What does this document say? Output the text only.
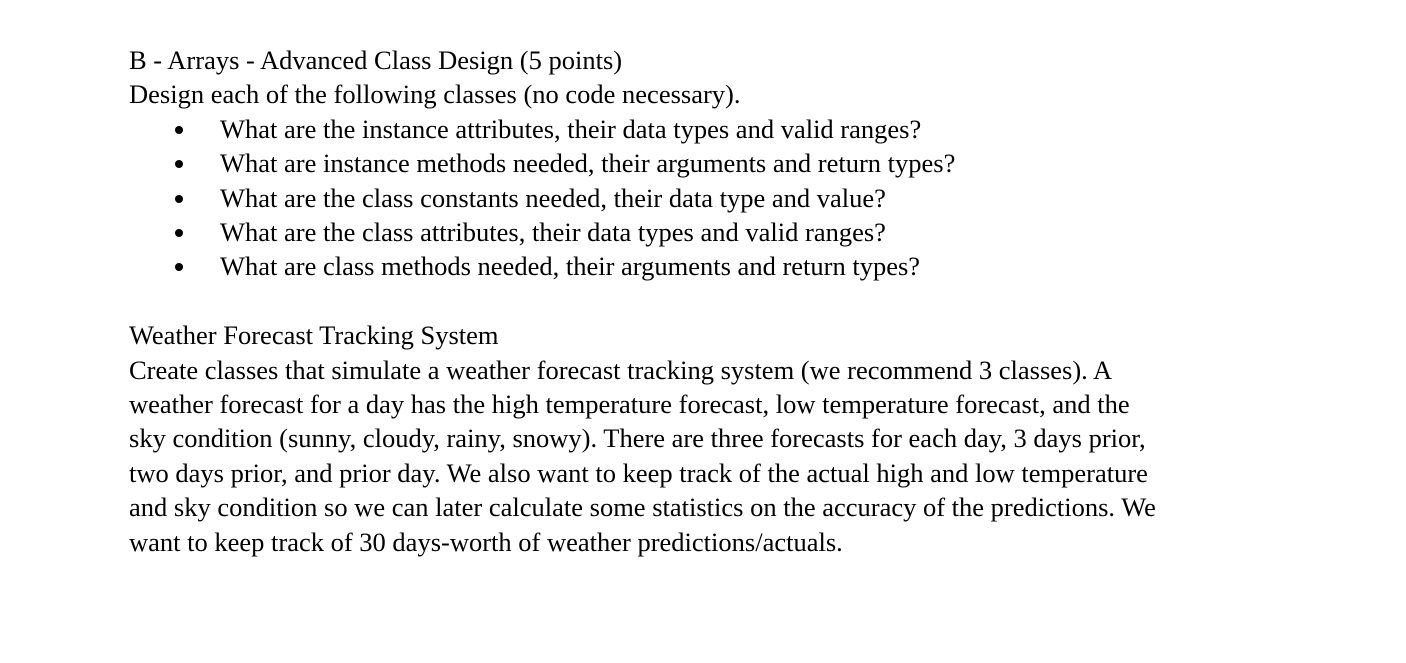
B - Arrays - Advanced Class Design (5 points)

Design each of the following classes (no code necessary).

What are the instance attributes, their data types and valid ranges?
What are instance methods needed, their arguments and return types?
What are the class constants needed, their data type and value?
What are the class attributes, their data types and valid ranges?
What are class methods needed, their arguments and return types?

Weather Forecast Tracking System

Create classes that simulate a weather forecast tracking system (we recommend 3 classes). A

weather forecast for a day has the high temperature forecast, low temperature forecast, and the

sky condition (sunny, cloudy, rainy, snowy). There are three forecasts for each day, 3 days prior,

two days prior, and prior day. We also want to keep track of the actual high and low temperature

and sky condition so we can later calculate some statistics on the accuracy of the predictions. We

want to keep track of 30 days-worth of weather predictions/actuals.
